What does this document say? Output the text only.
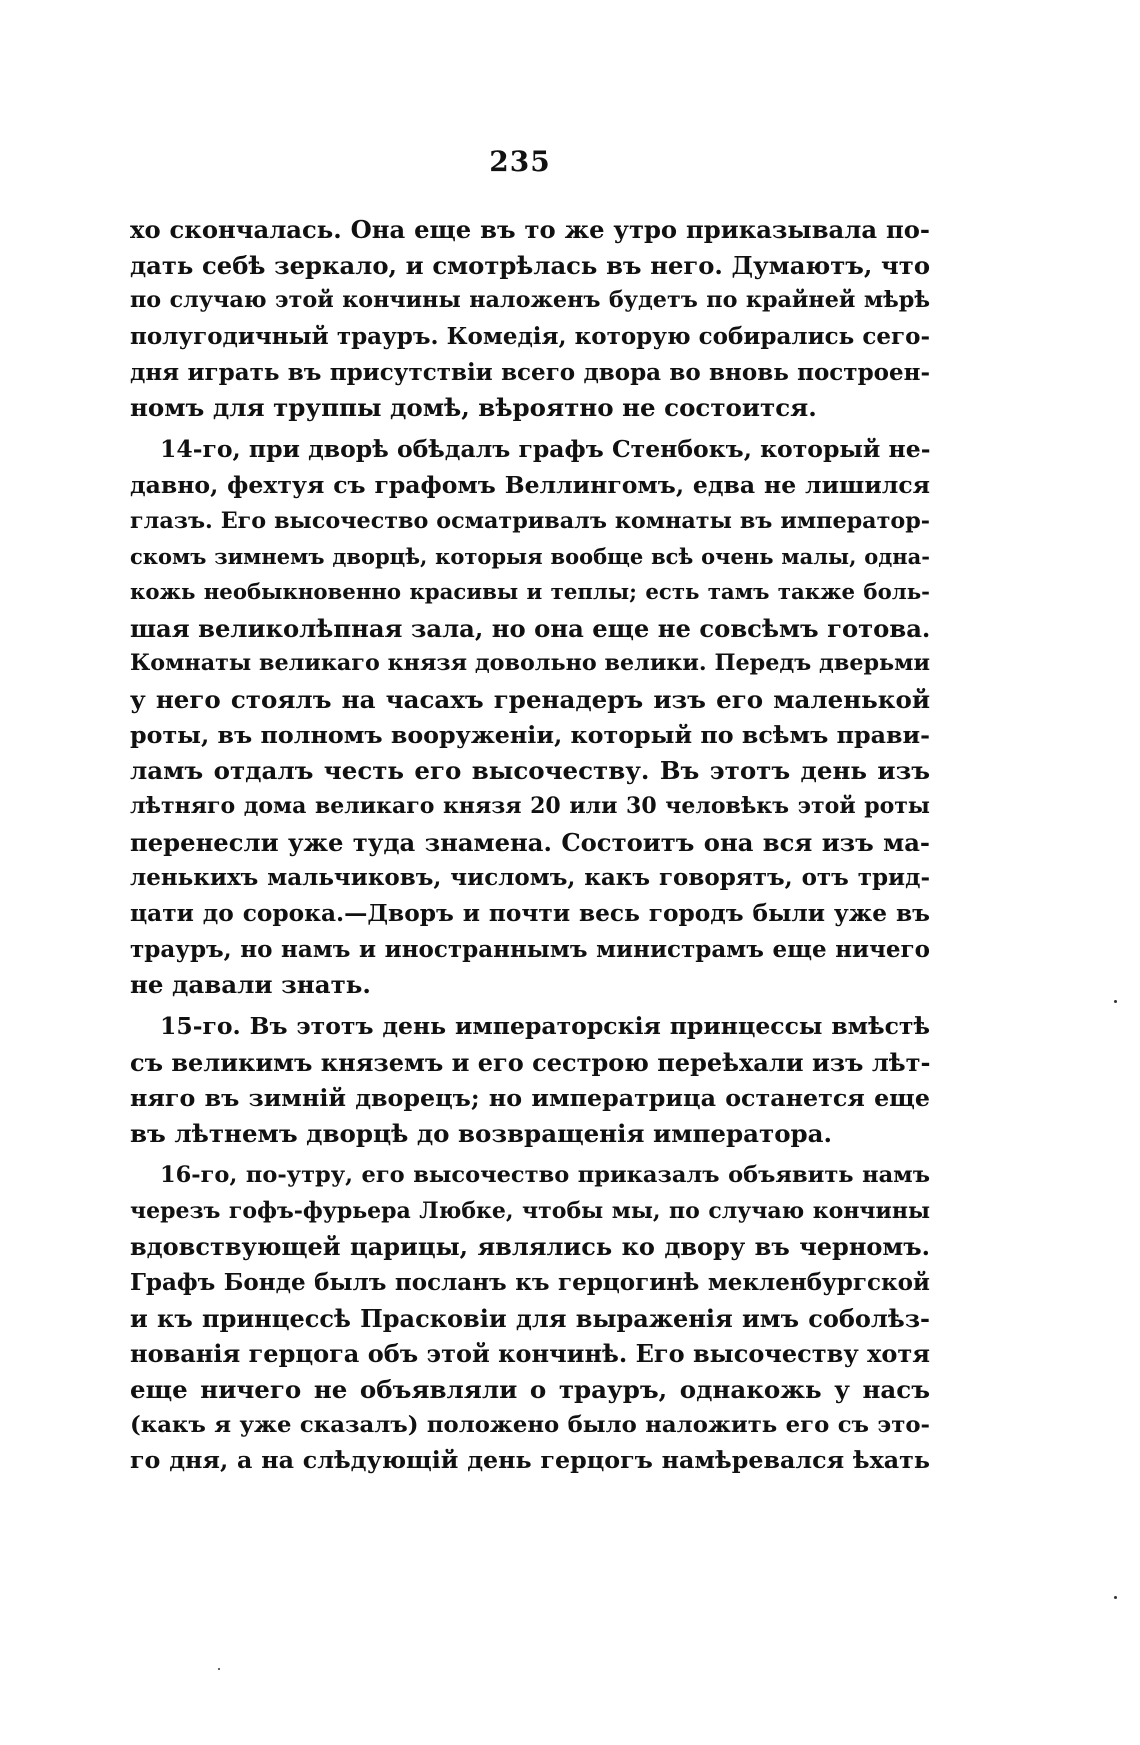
235
хо скончалась. Она еще въ то же утро приказывала по-
дать себѣ зеркало, и смотрѣлась въ него. Думаютъ, что
по случаю этой кончины наложенъ будетъ по крайней мѣрѣ
полугодичный трауръ. Комедія, которую собирались сего-
дня играть въ присутствіи всего двора во вновь построен-
номъ для труппы домѣ, вѣроятно не состоится.
14-го, при дворѣ обѣдалъ графъ Стенбокъ, который не-
давно, фехтуя съ графомъ Веллингомъ, едва не лишился
глазъ. Его высочество осматривалъ комнаты въ император-
скомъ зимнемъ дворцѣ, которыя вообще всѣ очень малы, одна-
кожь необыкновенно красивы и теплы; есть тамъ также боль-
шая великолѣпная зала, но она еще не совсѣмъ готова.
Комнаты великаго князя довольно велики. Передъ дверьми
у него стоялъ на часахъ гренадеръ изъ его маленькой
роты, въ полномъ вооруженіи, который по всѣмъ прави-
ламъ отдалъ честь его высочеству. Въ этотъ день изъ
лѣтняго дома великаго князя 20 или 30 человѣкъ этой роты
перенесли уже туда знамена. Состоитъ она вся изъ ма-
ленькихъ мальчиковъ, числомъ, какъ говорятъ, отъ трид-
цати до сорока.—Дворъ и почти весь городъ были уже въ
трауръ, но намъ и иностраннымъ министрамъ еще ничего
не давали знать.
15-го. Въ этотъ день императорскія принцессы вмѣстѣ
съ великимъ княземъ и его сестрою переѣхали изъ лѣт-
няго въ зимній дворецъ; но императрица останется еще
въ лѣтнемъ дворцѣ до возвращенія императора.
16-го, по-утру, его высочество приказалъ объявить намъ
черезъ гофъ-фурьера Любке, чтобы мы, по случаю кончины
вдовствующей царицы, являлись ко двору въ черномъ.
Графъ Бонде былъ посланъ къ герцогинѣ мекленбургской
и къ принцессѣ Прасковіи для выраженія имъ соболѣз-
нованія герцога объ этой кончинѣ. Его высочеству хотя
еще ничего не объявляли о трауръ, однакожь у насъ
(какъ я уже сказалъ) положено было наложить его съ это-
го дня, а на слѣдующій день герцогъ намѣревался ѣхать
